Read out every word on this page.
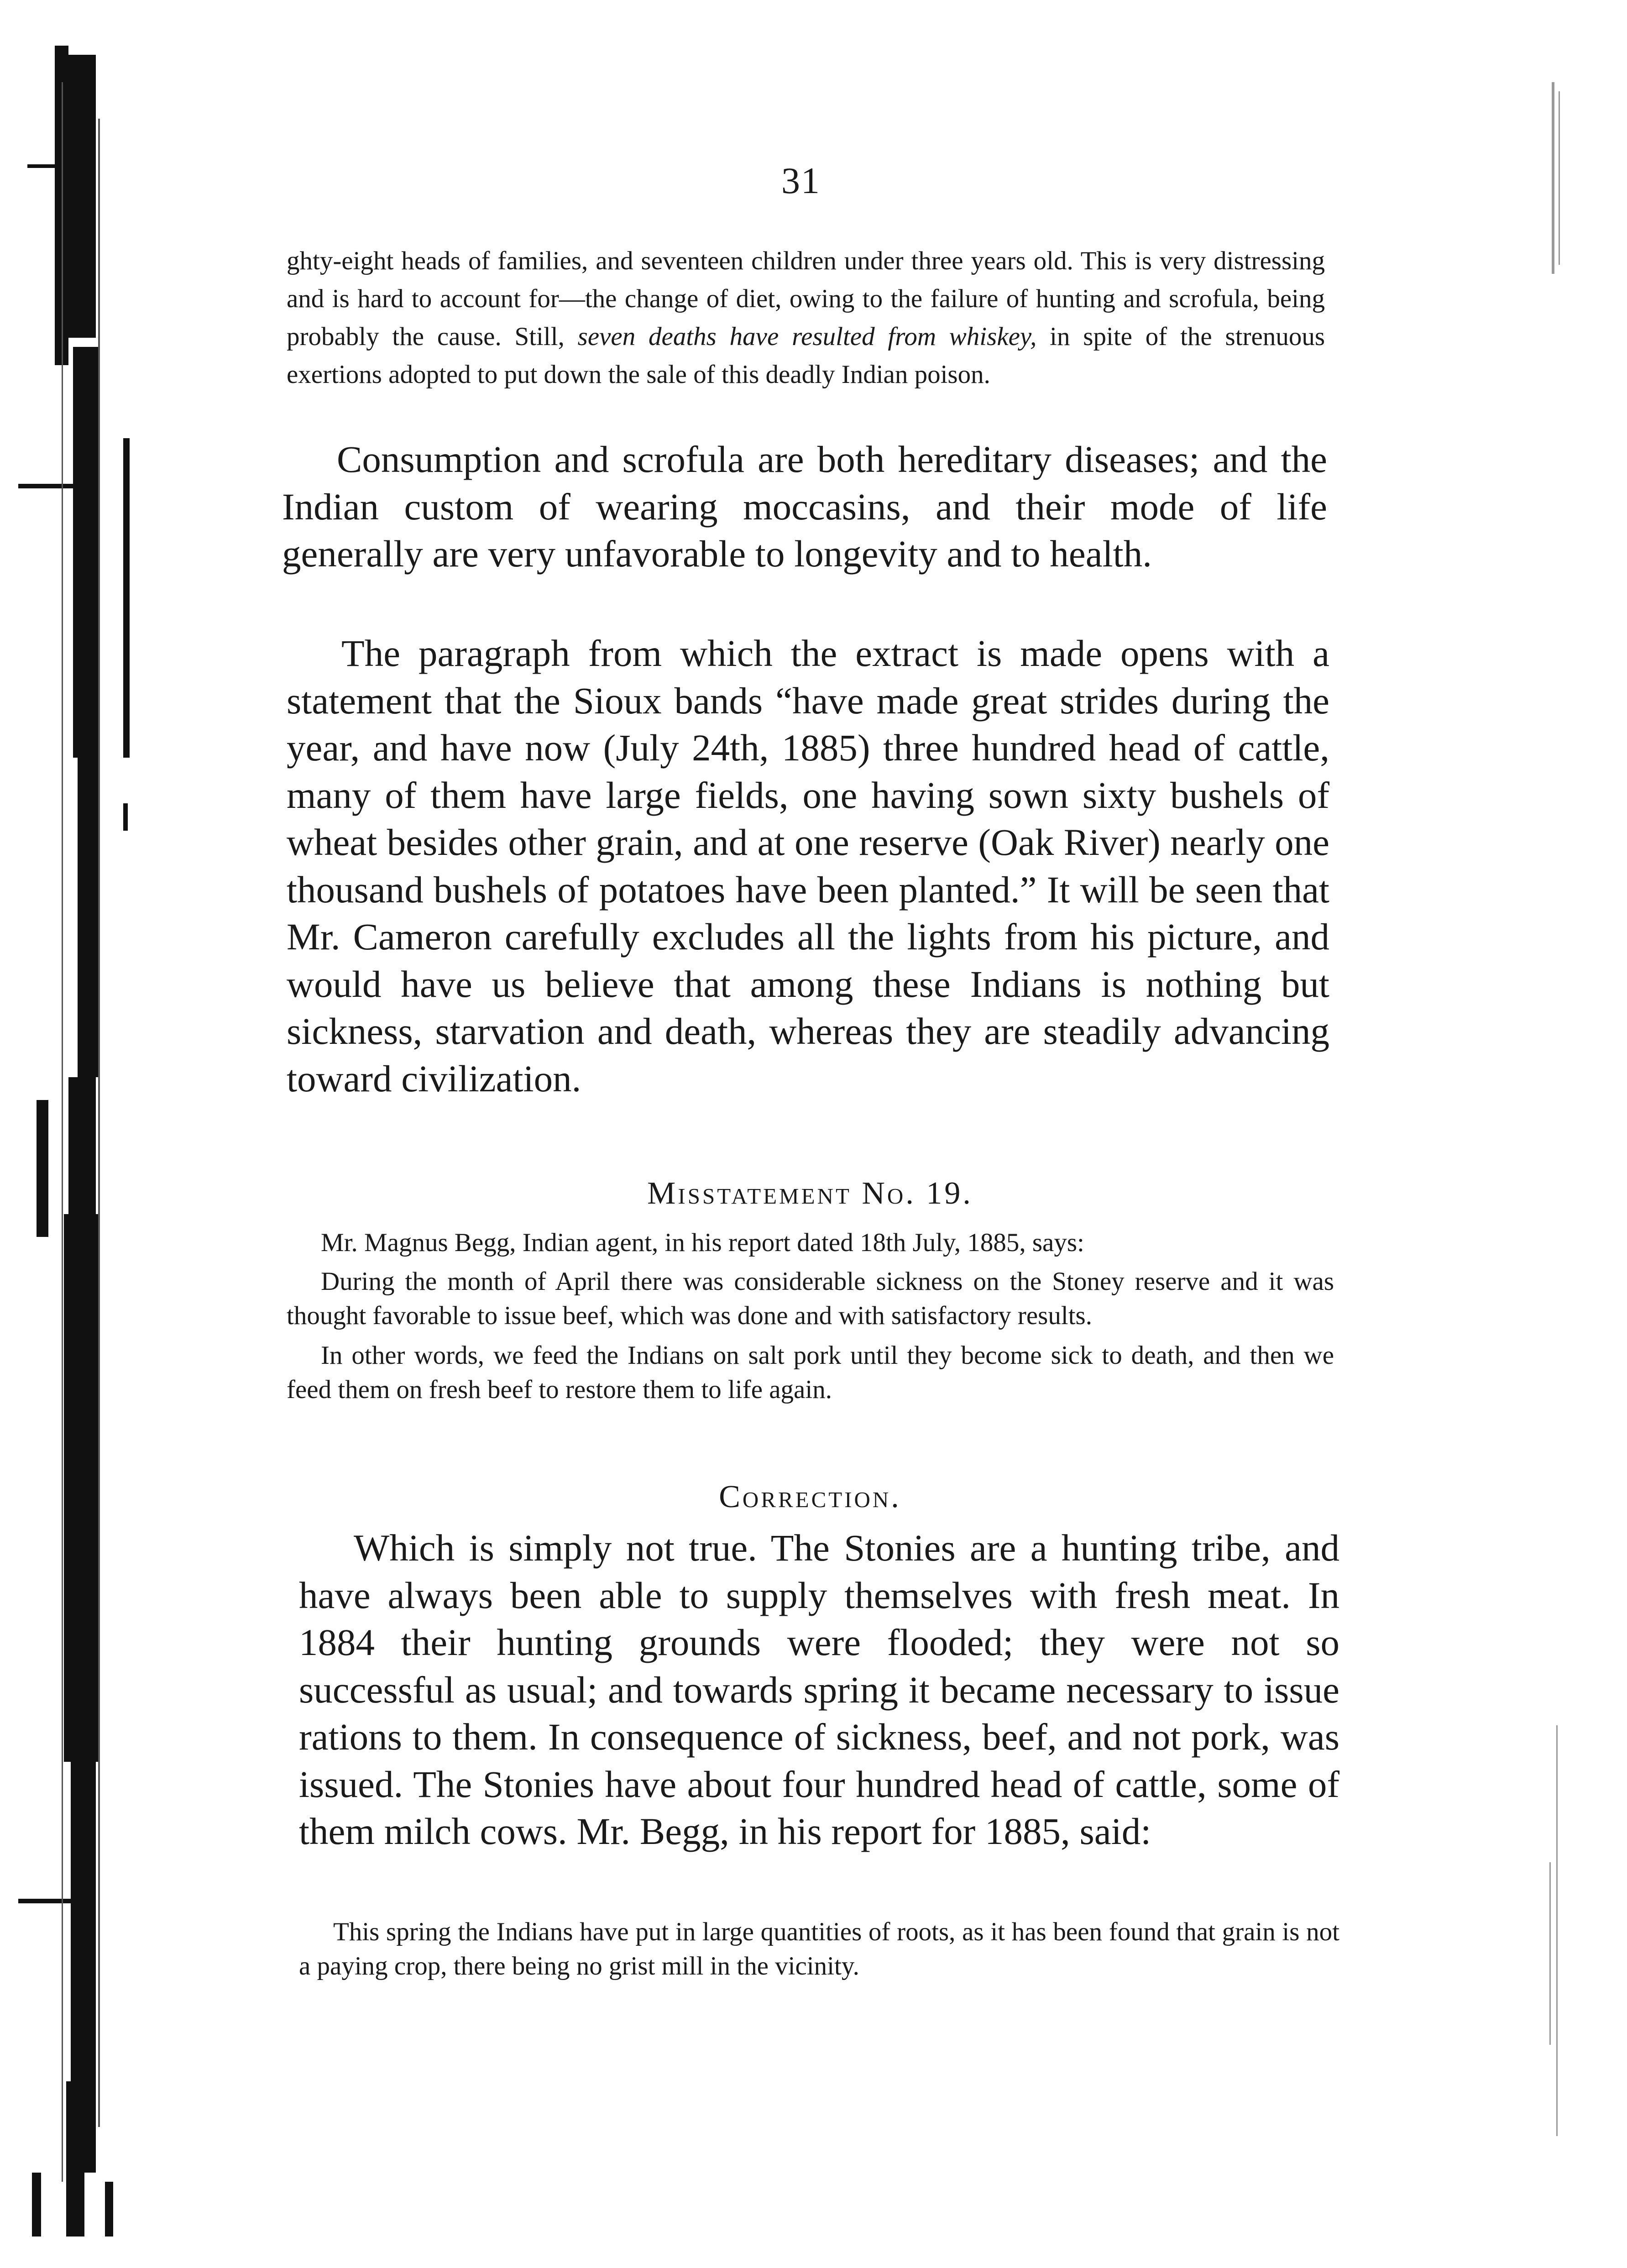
31

ghty-eight heads of families, and seventeen children under three years old. This is very distressing and is hard to account for—the change of diet, owing to the failure of hunting and scrofula, being probably the cause. Still, seven deaths have resulted from whiskey, in spite of the strenuous exertions adopted to put down the sale of this deadly Indian poison.

Consumption and scrofula are both hereditary diseases; and the Indian custom of wearing moccasins, and their mode of life generally are very unfavorable to longevity and to health.

The paragraph from which the extract is made opens with a statement that the Sioux bands “have made great strides during the year, and have now (July 24th, 1885) three hundred head of cattle, many of them have large fields, one having sown sixty bushels of wheat besides other grain, and at one reserve (Oak River) nearly one thousand bushels of potatoes have been planted.” It will be seen that Mr. Cameron carefully excludes all the lights from his picture, and would have us believe that among these Indians is nothing but sickness, starvation and death, whereas they are steadily advancing toward civilization.

Misstatement No. 19.

Mr. Magnus Begg, Indian agent, in his report dated 18th July, 1885, says:

During the month of April there was considerable sickness on the Stoney reserve and it was thought favorable to issue beef, which was done and with satisfactory results.

In other words, we feed the Indians on salt pork until they become sick to death, and then we feed them on fresh beef to restore them to life again.

Correction.

Which is simply not true. The Stonies are a hunting tribe, and have always been able to supply themselves with fresh meat. In 1884 their hunting grounds were flooded; they were not so successful as usual; and towards spring it became necessary to issue rations to them. In consequence of sickness, beef, and not pork, was issued. The Stonies have about four hundred head of cattle, some of them milch cows. Mr. Begg, in his report for 1885, said:

This spring the Indians have put in large quantities of roots, as it has been found that grain is not a paying crop, there being no grist mill in the vicinity.
